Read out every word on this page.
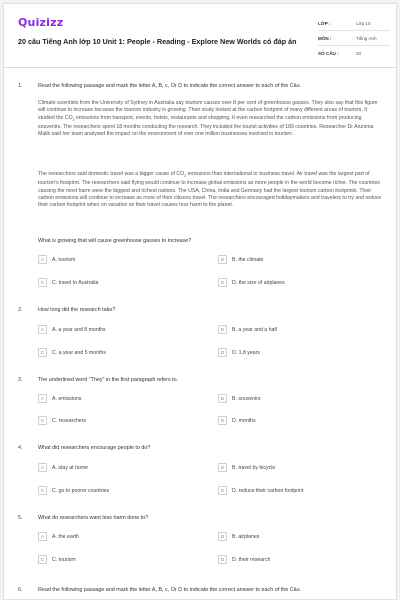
Quizizz
20 câu Tiếng Anh lớp 10 Unit 1: People - Reading - Explore New Worlds có đáp án
LỚP :	Lớp 10
MÔN :	Tiếng Anh
SỐ CÂU :	20
1.	Read the following passage and mark the letter A, B, c, Or D to indicate the correct answer to each of the Câu.
Climate scientists from the University of Sydney in Australia say tourism causes over 8 per cent of greenhouse gasses. They also say that this figure will continue to increase because the tourism industry is growing. Their study looked at the carbon footprint of many different areas of tourism. It studied the $CO_2$ emissions from transport, events, hotels, restaurants and shopping. It even researched the carbon emissions from producing souvenirs. The researchers spent 18 months conducting the research. They included the tourist activities of 189 countries. Researcher Dr Arunima Malik said her team analysed the impact on the environment of over one million businesses involved in tourism.
The researchers said domestic travel was a bigger cause of $CO_2$ emissions than international or business travel. Air travel was the largest part of tourism's footprint. The researchers said flying would continue to increase global emissions as more people in the world become richer. The countries causing the most harm were the biggest and richest nations. The USA, China, India and Germany had the largest tourism carbon footprints. Their carbon emissions will continue to increase as more of their citizens travel. The researchers encouraged holidaymakers and travelers to try and reduce their carbon footprint when on vacation so their travel causes less harm to the planet.
What is growing that will cause greenhouse gasses to increase?
A	A. tourism	B	B. the climate
C	C. travel to Australia	D	D. the size of airplanes
2.	How long did the research take?
A	A. a year and 8 months	B	B. a year and a half
C	C. a year and 5 months	D	D. 1.8 years
3.	The underlined word "They" in the first paragraph refers to.
A	A. emissions	B	B. souvenirs
C	C. researchers	D	D. months
4.	What did researchers encourage people to do?
A	A. stay at home	B	B. travel by bicycle
C	C. go to poorer countries	D	D. reduce their carbon footprint
5.	What do researchers want less harm done to?
A	A. the earth	B	B. airplanes
C	C. tourism	D	D. their research
6.	Read the following passage and mark the letter A, B, c, Or D to indicate the correct answer to each of the Câu.
